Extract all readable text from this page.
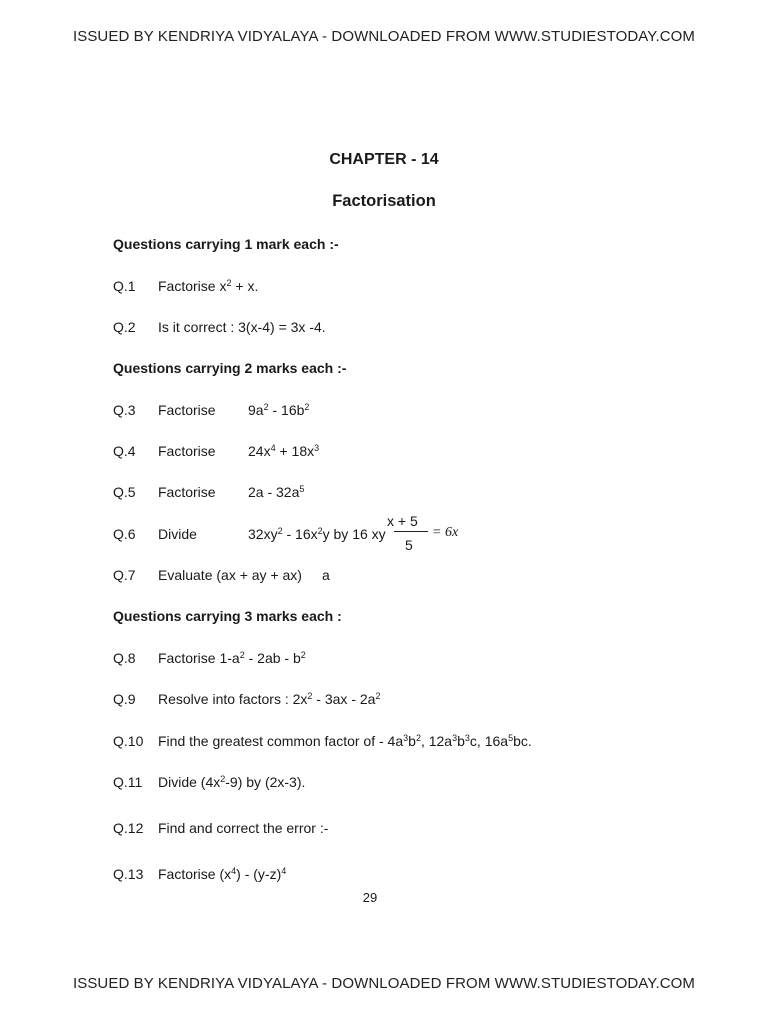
ISSUED BY KENDRIYA VIDYALAYA - DOWNLOADED FROM WWW.STUDIESTODAY.COM
CHAPTER - 14
Factorisation
Questions carrying 1 mark each :-
Q.1 Factorise $x^2 + x$.
Q.2 Is it correct : 3(x-4) = 3x -4.
Questions carrying 2 marks each :-
Q.3 Factorise $9a^2 - 16b^2$
Q.4 Factorise $24x^4 + 18x^3$
Q.5 Factorise $2a - 32a^5$
Q.6 Divide	$32xy^2 - 16x^2y$ by 16 xy
x + 5
5
= 6x
Q.7 Evaluate (ax + ay + ax) a
Questions carrying 3 marks each :
Q.8 Factorise $1-a^2 - 2ab - b^2$
Q.9 Resolve into factors : $2x^2 - 3ax - 2a^2$
Q.10 Find the greatest common factor of - $4a^3b^2$, $12a^3b^3c$, $16a^5bc$.
Q.11 Divide $(4x^2-9)$ by (2x-3).
Q.12 Find and correct the error :-
Q.13 Factorise $(x^4) - (y-z)^4$
29
ISSUED BY KENDRIYA VIDYALAYA - DOWNLOADED FROM WWW.STUDIESTODAY.COM
